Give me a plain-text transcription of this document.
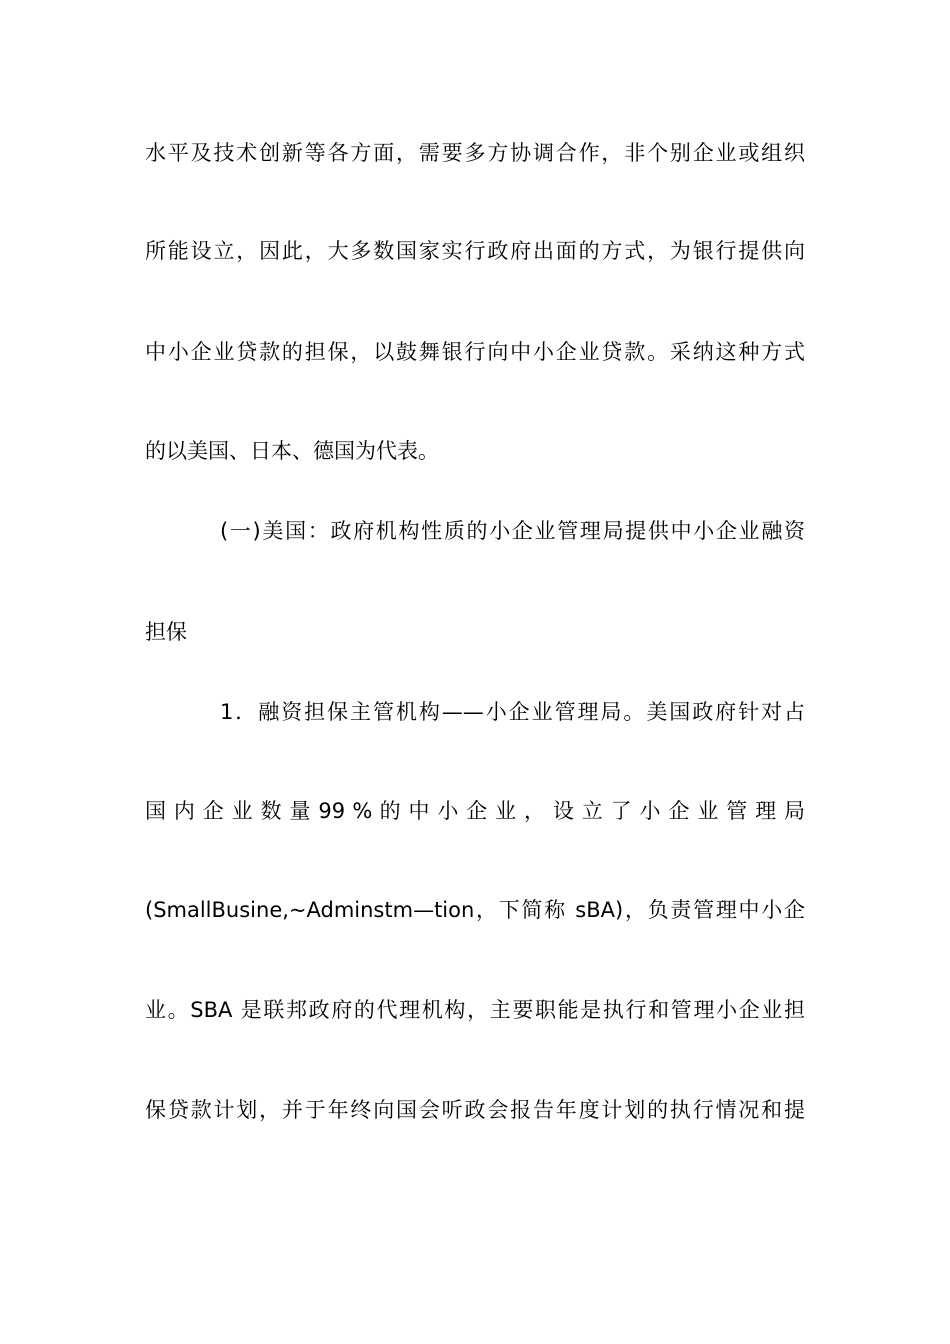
水平及技术创新等各方面，需要多方协调合作，非个别企业或组织
所能设立，因此，大多数国家实行政府出面的方式，为银行提供向
中小企业贷款的担保，以鼓舞银行向中小企业贷款。采纳这种方式
的以美国、日本、德国为代表。
(一)美国：政府机构性质的小企业管理局提供中小企业融资
担保
1．融资担保主管机构——小企业管理局。美国政府针对占
国 内 企 业 数 量 99 % 的 中 小 企 业 ， 设 立 了 小 企 业 管 理 局
(SmallBusine,~Adminstm—tion，下简称 sBA)，负责管理中小企
业。SBA 是联邦政府的代理机构，主要职能是执行和管理小企业担
保贷款计划，并于年终向国会听政会报告年度计划的执行情况和提
